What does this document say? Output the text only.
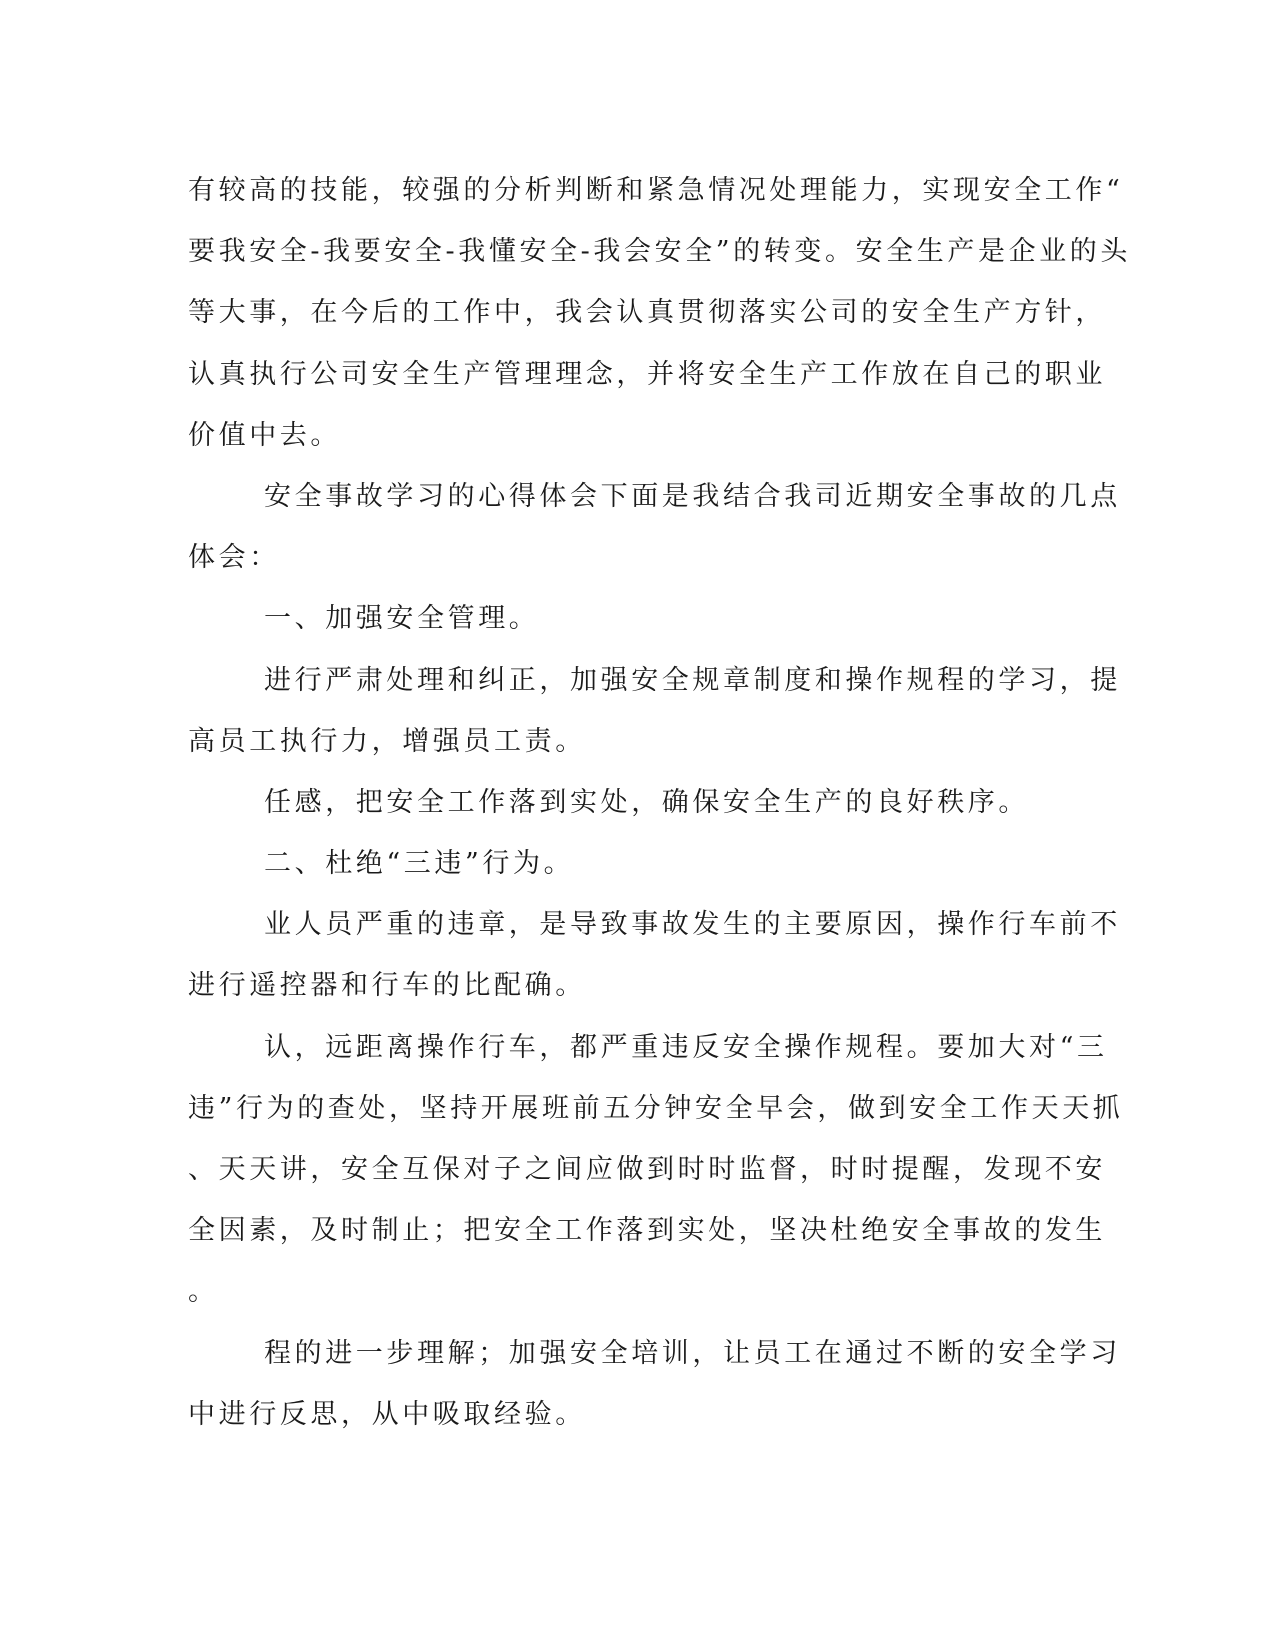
有较高的技能，较强的分析判断和紧急情况处理能力，实现安全工作“
要我安全-我要安全-我懂安全-我会安全”的转变。安全生产是企业的头
等大事，在今后的工作中，我会认真贯彻落实公司的安全生产方针，
认真执行公司安全生产管理理念，并将安全生产工作放在自己的职业
价值中去。
安全事故学习的心得体会下面是我结合我司近期安全事故的几点
体会：
一、加强安全管理。
进行严肃处理和纠正，加强安全规章制度和操作规程的学习，提
高员工执行力，增强员工责。
任感，把安全工作落到实处，确保安全生产的良好秩序。
二、杜绝“三违”行为。
业人员严重的违章，是导致事故发生的主要原因，操作行车前不
进行遥控器和行车的比配确。
认，远距离操作行车，都严重违反安全操作规程。要加大对“三
违”行为的查处，坚持开展班前五分钟安全早会，做到安全工作天天抓
、天天讲，安全互保对子之间应做到时时监督，时时提醒，发现不安
全因素，及时制止；把安全工作落到实处，坚决杜绝安全事故的发生
。
程的进一步理解；加强安全培训，让员工在通过不断的安全学习
中进行反思，从中吸取经验。
